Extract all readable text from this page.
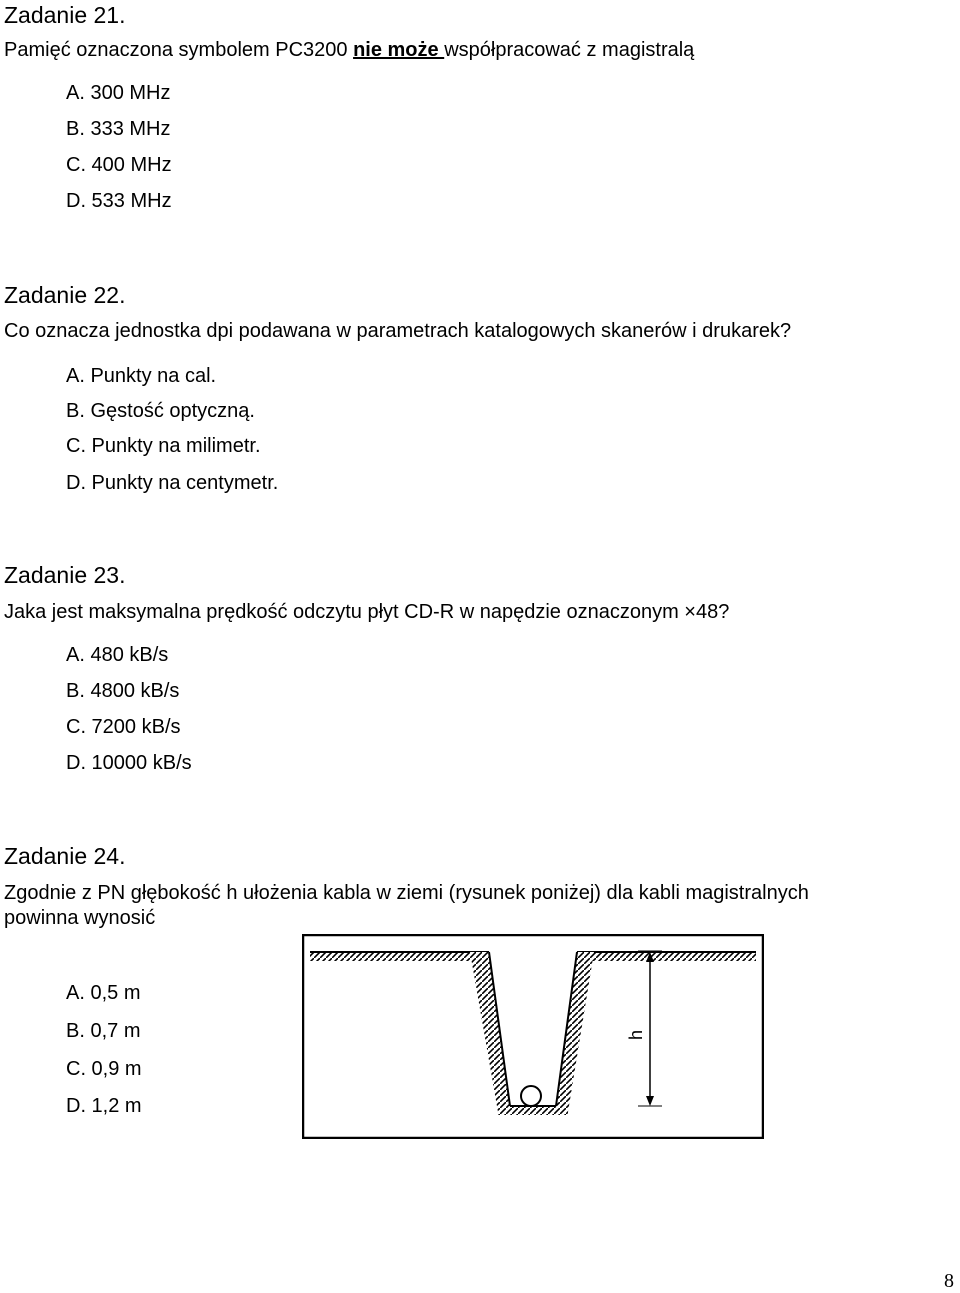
Zadanie 21.
Pamięć oznaczona symbolem PC3200 nie może współpracować z magistralą
A. 300 MHz
B. 333 MHz
C. 400 MHz
D. 533 MHz
Zadanie 22.
Co oznacza jednostka dpi podawana w parametrach katalogowych skanerów i drukarek?
A. Punkty na cal.
B. Gęstość optyczną.
C. Punkty na milimetr.
D. Punkty na centymetr.
Zadanie 23.
Jaka jest maksymalna prędkość odczytu płyt CD-R w napędzie oznaczonym ×48?
A. 480 kB/s
B. 4800 kB/s
C. 7200 kB/s
D. 10000 kB/s
Zadanie 24.
Zgodnie z PN głębokość h ułożenia kabla w ziemi (rysunek poniżej) dla kabli magistralnych
powinna wynosić
A. 0,5 m
B. 0,7 m
C. 0,9 m
D. 1,2 m
h
8
